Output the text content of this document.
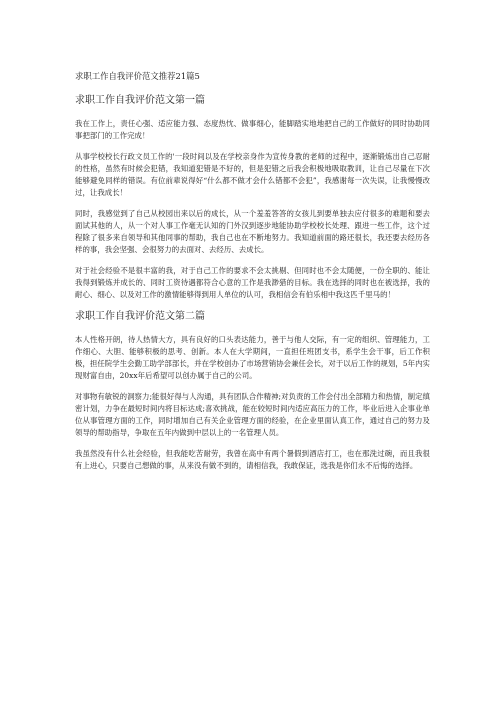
求职工作自我评价范文推荐21篇5
求职工作自我评价范文第一篇

我在工作上，责任心强、适应能力强、态度热忱、做事细心，能脚踏实地地把自己的工作做好的同时协助同事把部门的工作完成！

从事学校校长行政文员工作的'一段时间以及在学校亲身作为宣传身教的老师的过程中，逐渐锻炼出自己忍耐的性格，虽然有时候会犯错，我知道犯错是不好的，但是犯错之后我会积极地吸取教训，让自己尽量在下次能够避免同样的错误。有位前辈说得好“什么都不做才会什么错都不会犯”，我感谢每一次失误，让我慢慢改过，让我成长！

同时，我感觉到了自己从校园出来以后的成长，从一个羞羞答答的女孩儿到要单独去应付很多的难题和要去面试其他的人，从一个对人事工作毫无认知的门外汉到逐步地能协助学校校长处理、跟进一些工作，这个过程除了很多来自领导和其他同事的帮助，我自己也在不断地努力。我知道前面的路还很长，我还要去经历各样的事，我会坚强、会很努力的去面对、去经历、去成长。

对于社会经验不是很丰富的我，对于自己工作的要求不会太挑剔、但同时也不会太随便，一份全职的、能让我得到锻炼并成长的、同时工资待遇都符合心意的工作是我渺猎的目标。我在选择的同时也在被选择，我的耐心、细心、以及对工作的激情能够得到用人单位的认可，我相信会有伯乐相中我这匹千里马的！

求职工作自我评价范文第二篇

本人性格开朗，待人热情大方，具有良好的口头表达能力，善于与他人交际，有一定的组织、管理能力，工作细心、大胆、能够积极的思考、创新。本人在大学期间，一直担任班团支书，系学生会干事，后工作积极，担任院学生会勤工助学部部长，并在学校创办了市场营销协会兼任会长，对于以后工作的规划，5年内实现财富自由，20xx年后希望可以创办属于自己的公司。

对事物有敏锐的洞察力;能很好得与人沟通，具有团队合作精神;对负责的工作会付出全部精力和热情，制定缜密计划，力争在最短时间内将目标达成;喜欢挑战，能在较短时间内适应高压力的工作，毕业后进入企事业单位从事管理方面的工作，同时增加自己有关企业管理方面的经验，在企业里面认真工作，通过自己的努力及领导的帮助指导，争取在五年内做到中层以上的一名管理人员。

我虽然没有什么社会经验，但我能吃苦耐劳，我曾在高中有两个暑假到酒店打工，也在那洗过碗，而且我很有上进心，只要自己想做的事，从来没有做不到的，请相信我，我敢保证，选我是你们永不后悔的选择。
